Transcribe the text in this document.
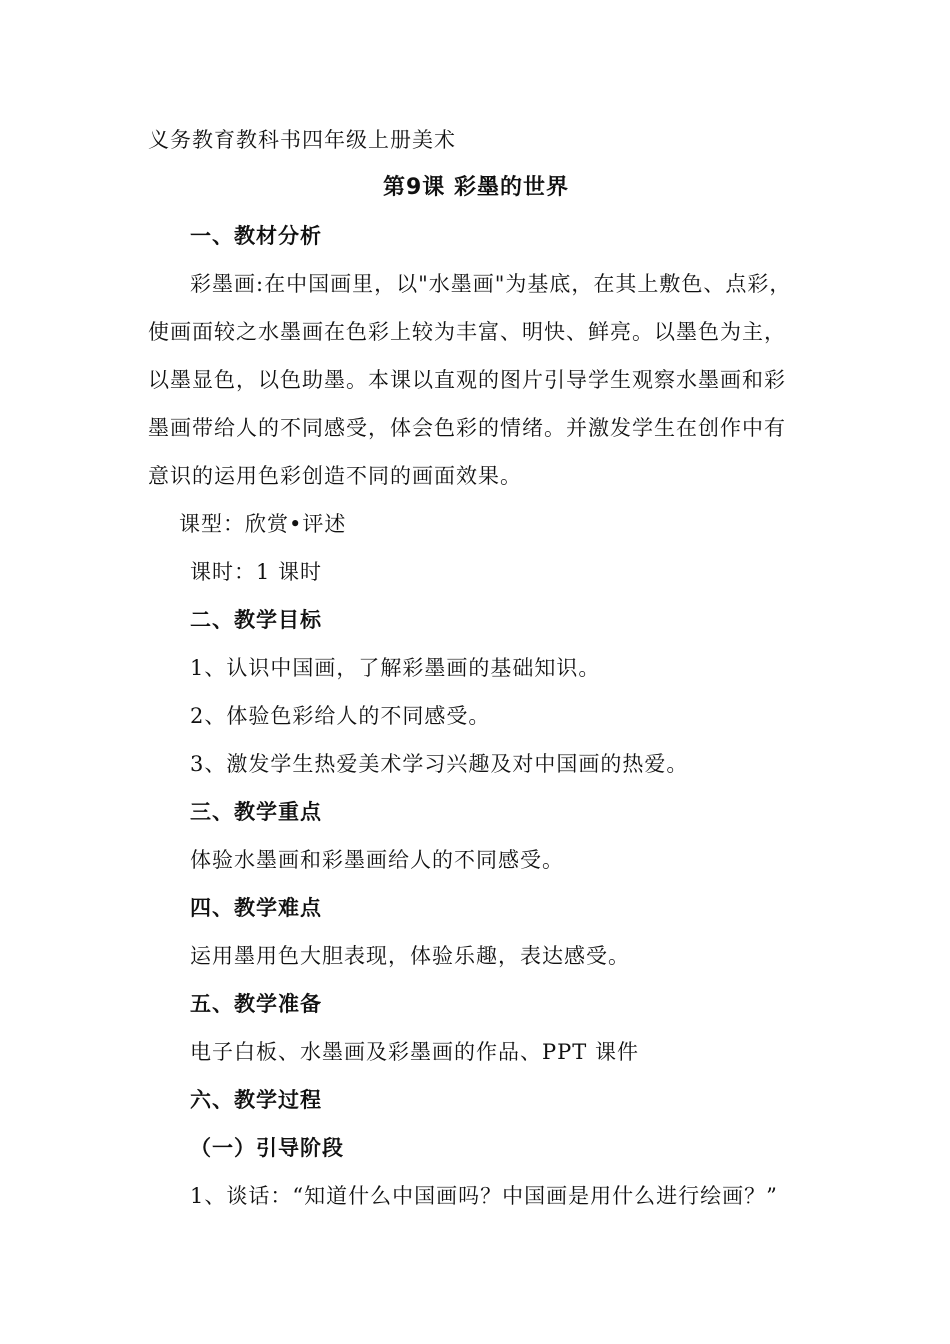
义务教育教科书四年级上册美术
第9课 彩墨的世界
一、教材分析
彩墨画:在中国画里，以"水墨画"为基底，在其上敷色、点彩，
使画面较之水墨画在色彩上较为丰富、明快、鲜亮。以墨色为主，
以墨显色，以色助墨。本课以直观的图片引导学生观察水墨画和彩
墨画带给人的不同感受，体会色彩的情绪。并激发学生在创作中有
意识的运用色彩创造不同的画面效果。
课型：欣赏•评述
课时：1 课时
二、教学目标
1、认识中国画，了解彩墨画的基础知识。
2、体验色彩给人的不同感受。
3、激发学生热爱美术学习兴趣及对中国画的热爱。
三、教学重点
体验水墨画和彩墨画给人的不同感受。
四、教学难点
运用墨用色大胆表现，体验乐趣，表达感受。
五、教学准备
电子白板、水墨画及彩墨画的作品、PPT 课件
六、教学过程
（一）引导阶段
1、谈话：“知道什么中国画吗？中国画是用什么进行绘画？”
